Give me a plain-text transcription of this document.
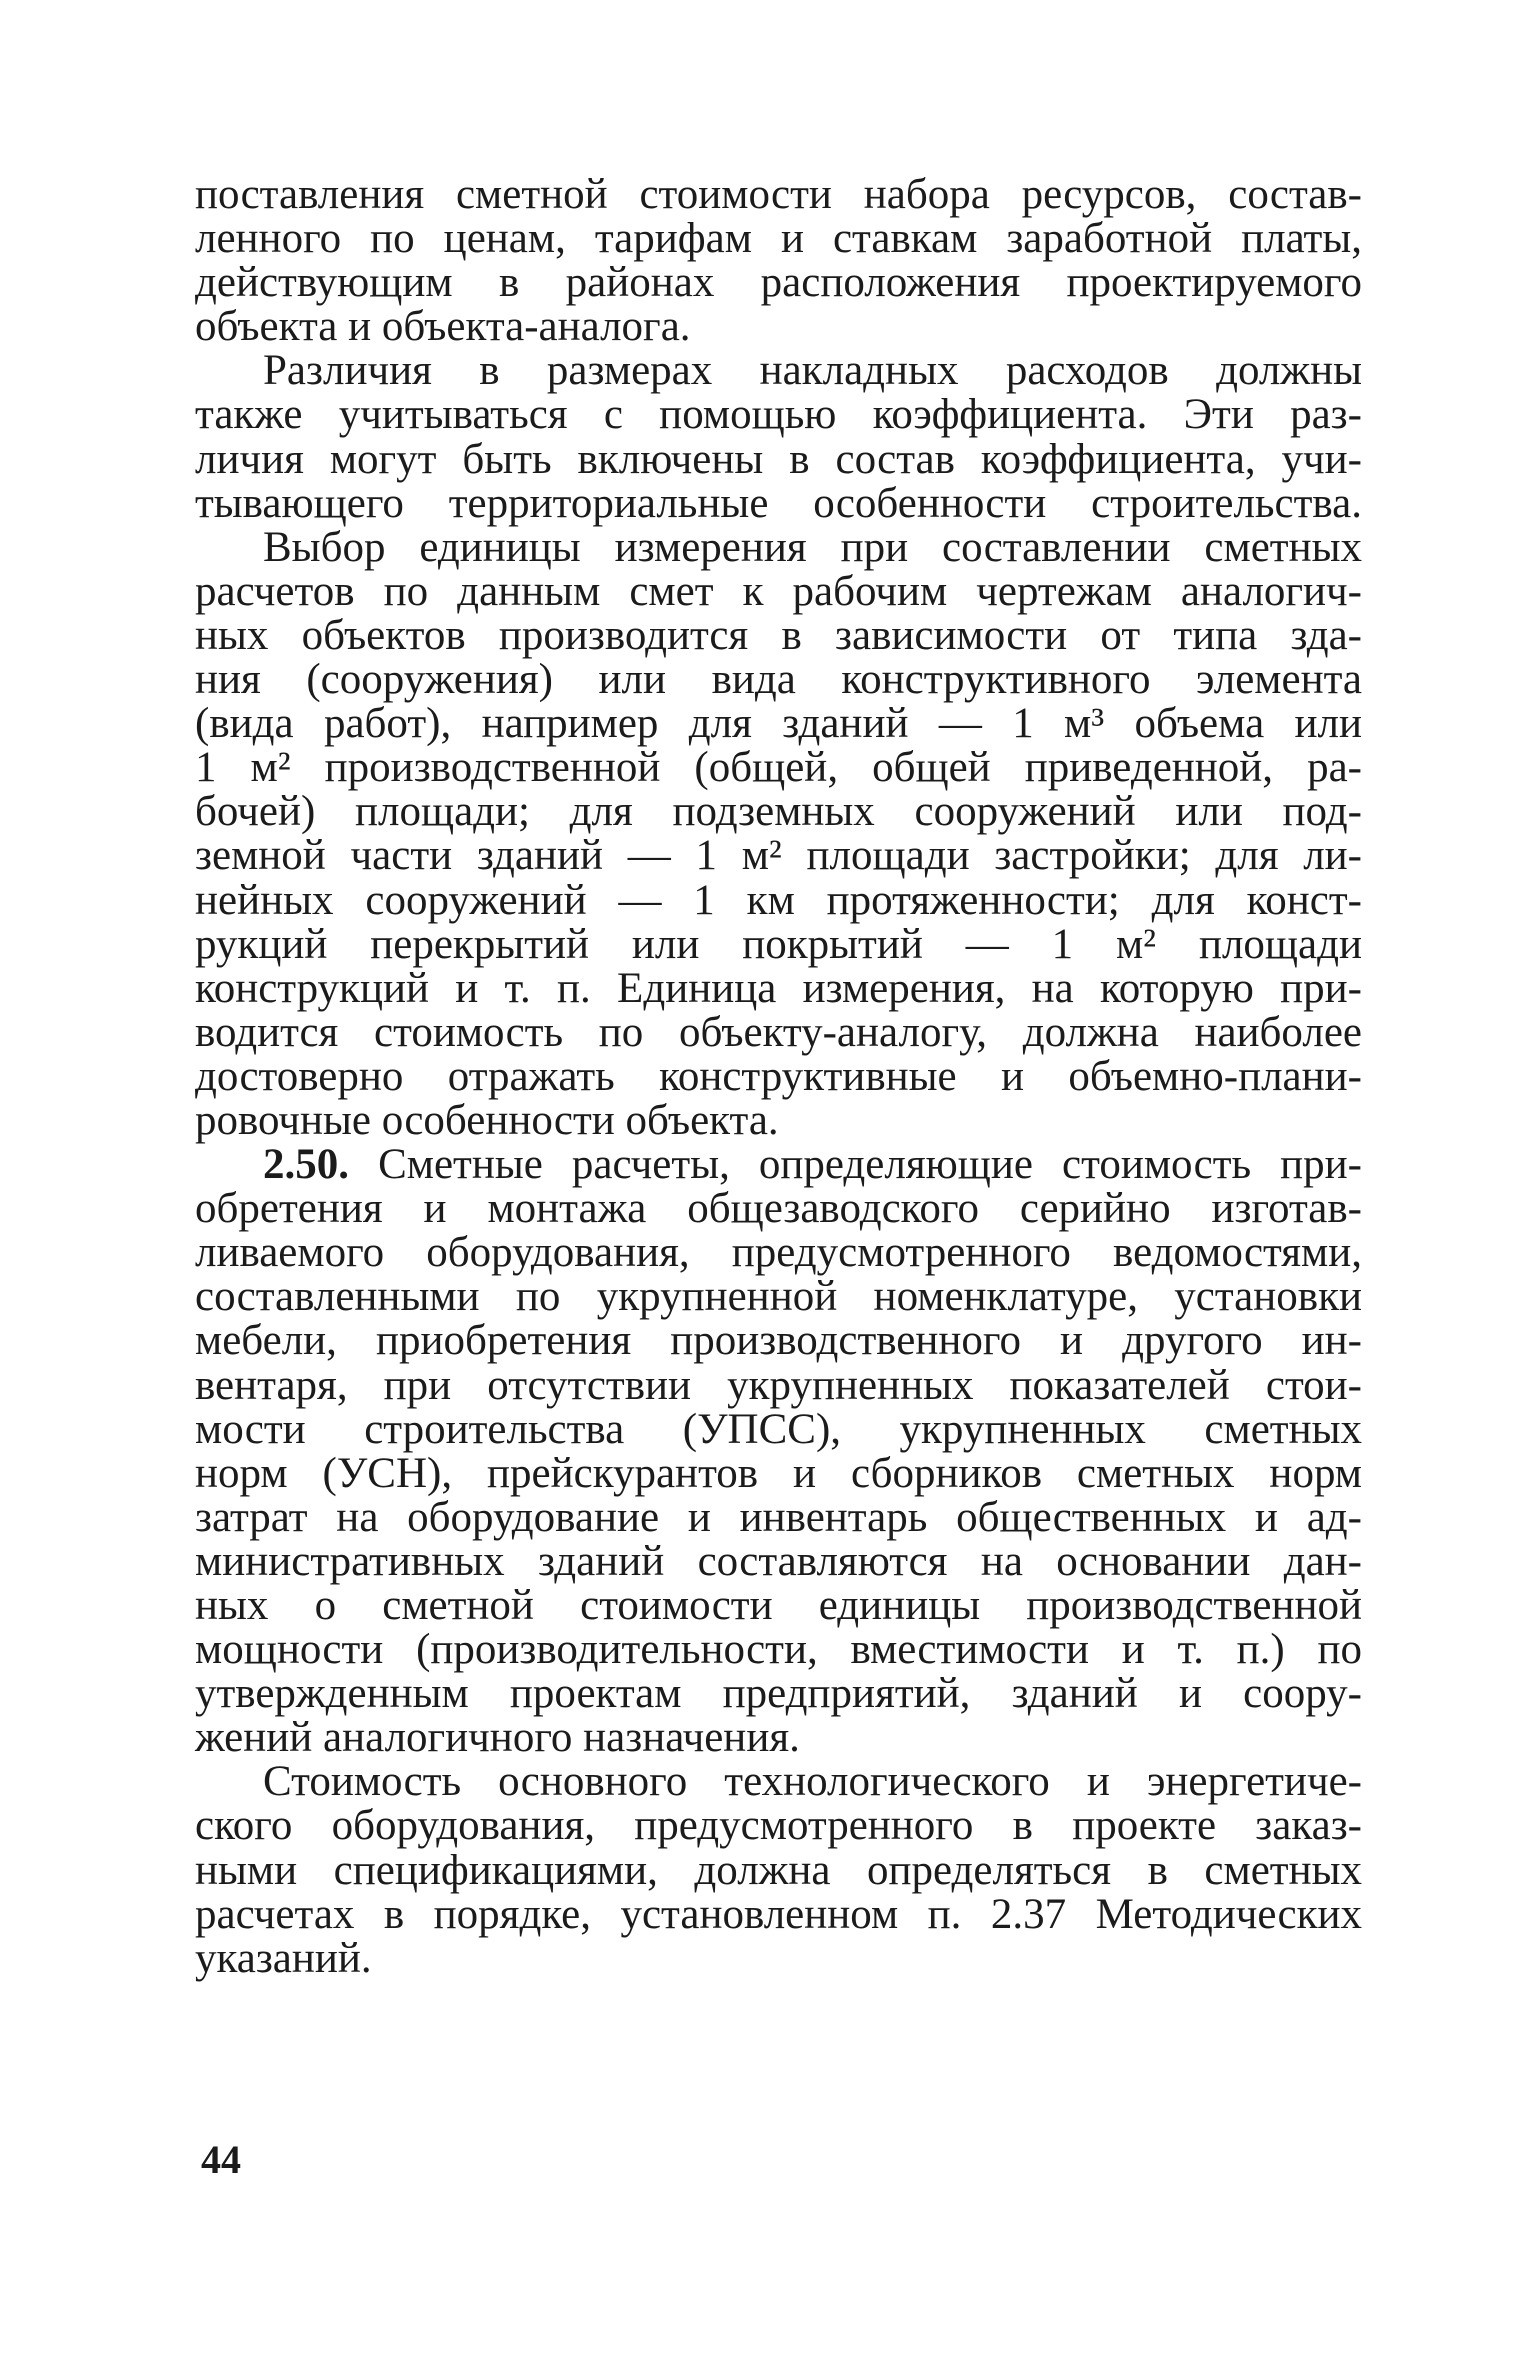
поставления сметной стоимости набора ресурсов, состав-
ленного по ценам, тарифам и ставкам заработной платы,
действующим в районах расположения проектируемого
объекта и объекта-аналога.
Различия в размерах накладных расходов должны
также учитываться с помощью коэффициента. Эти раз-
личия могут быть включены в состав коэффициента, учи-
тывающего территориальные особенности строительства.
Выбор единицы измерения при составлении сметных
расчетов по данным смет к рабочим чертежам аналогич-
ных объектов производится в зависимости от типа зда-
ния (сооружения) или вида конструктивного элемента
(вида работ), например для зданий — 1 м³ объема или
1 м² производственной (общей, общей приведенной, ра-
бочей) площади; для подземных сооружений или под-
земной части зданий — 1 м² площади застройки; для ли-
нейных сооружений — 1 км протяженности; для конст-
рукций перекрытий или покрытий — 1 м² площади
конструкций и т. п. Единица измерения, на которую при-
водится стоимость по объекту-аналогу, должна наиболее
достоверно отражать конструктивные и объемно-плани-
ровочные особенности объекта.
2.50. Сметные расчеты, определяющие стоимость при-
обретения и монтажа общезаводского серийно изготав-
ливаемого оборудования, предусмотренного ведомостями,
составленными по укрупненной номенклатуре, установки
мебели, приобретения производственного и другого ин-
вентаря, при отсутствии укрупненных показателей стои-
мости строительства (УПСС), укрупненных сметных
норм (УСН), прейскурантов и сборников сметных норм
затрат на оборудование и инвентарь общественных и ад-
министративных зданий составляются на основании дан-
ных о сметной стоимости единицы производственной
мощности (производительности, вместимости и т. п.) по
утвержденным проектам предприятий, зданий и соору-
жений аналогичного назначения.
Стоимость основного технологического и энергетиче-
ского оборудования, предусмотренного в проекте заказ-
ными спецификациями, должна определяться в сметных
расчетах в порядке, установленном п. 2.37 Методических
указаний.
44
